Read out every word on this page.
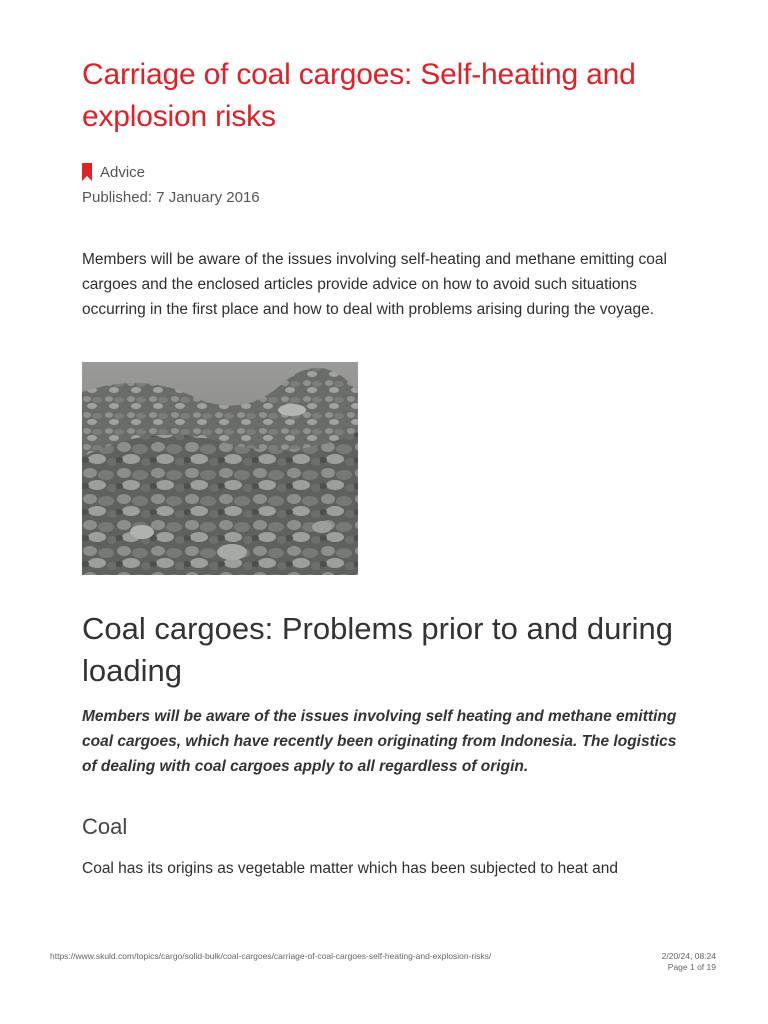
Carriage of coal cargoes: Self-heating and explosion risks
Advice
Published: 7 January 2016

Members will be aware of the issues involving self-heating and methane emitting coal cargoes and the enclosed articles provide advice on how to avoid such situations occurring in the first place and how to deal with problems arising during the voyage.

Coal cargoes: Problems prior to and during loading

Members will be aware of the issues involving self heating and methane emitting coal cargoes, which have recently been originating from Indonesia. The logistics of dealing with coal cargoes apply to all regardless of origin.

Coal

Coal has its origins as vegetable matter which has been subjected to heat and

https://www.skuld.com/topics/cargo/solid-bulk/coal-cargoes/carriage-of-coal-cargoes-self-heating-and-explosion-risks/	2/20/24, 08:24
Page 1 of 19
